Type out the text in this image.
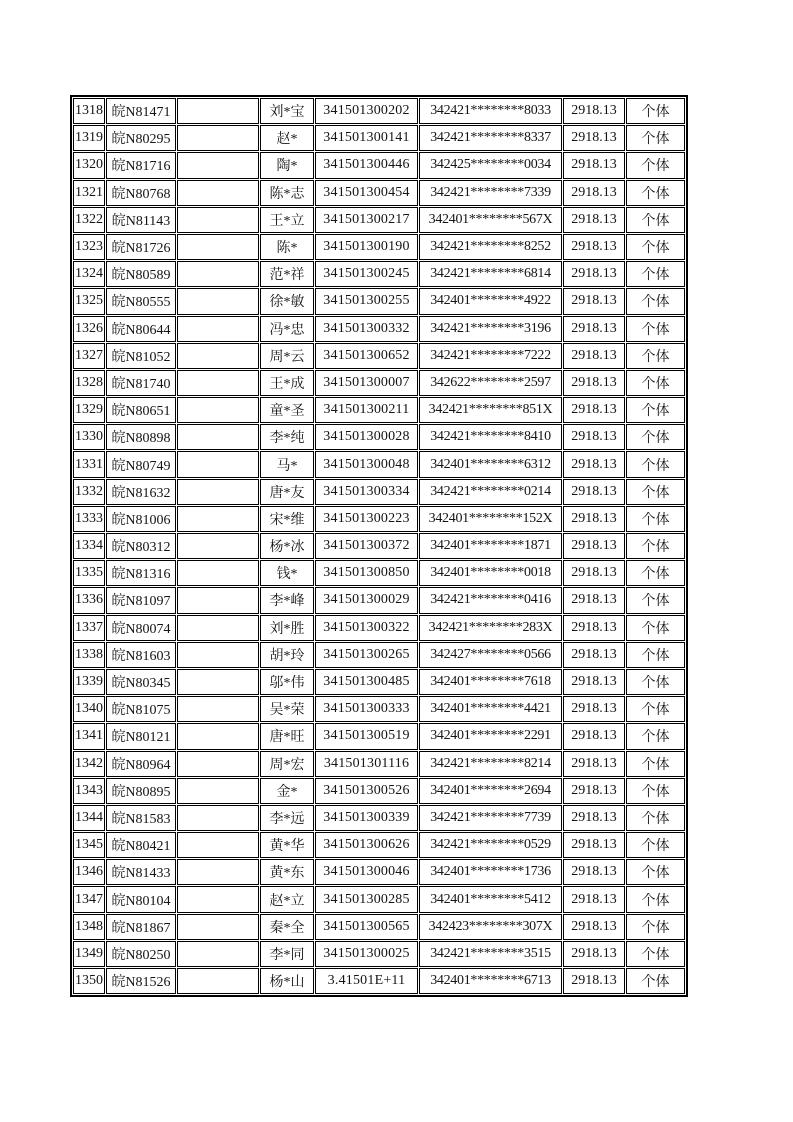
1318	皖N81471		刘*宝	341501300202	342421********8033	2918.13	个体
1319	皖N80295		赵*	341501300141	342421********8337	2918.13	个体
1320	皖N81716		陶*	341501300446	342425********0034	2918.13	个体
1321	皖N80768		陈*志	341501300454	342421********7339	2918.13	个体
1322	皖N81143		王*立	341501300217	342401********567X	2918.13	个体
1323	皖N81726		陈*	341501300190	342421********8252	2918.13	个体
1324	皖N80589		范*祥	341501300245	342421********6814	2918.13	个体
1325	皖N80555		徐*敏	341501300255	342401********4922	2918.13	个体
1326	皖N80644		冯*忠	341501300332	342421********3196	2918.13	个体
1327	皖N81052		周*云	341501300652	342421********7222	2918.13	个体
1328	皖N81740		王*成	341501300007	342622********2597	2918.13	个体
1329	皖N80651		童*圣	341501300211	342421********851X	2918.13	个体
1330	皖N80898		李*纯	341501300028	342421********8410	2918.13	个体
1331	皖N80749		马*	341501300048	342401********6312	2918.13	个体
1332	皖N81632		唐*友	341501300334	342421********0214	2918.13	个体
1333	皖N81006		宋*维	341501300223	342401********152X	2918.13	个体
1334	皖N80312		杨*冰	341501300372	342401********1871	2918.13	个体
1335	皖N81316		钱*	341501300850	342401********0018	2918.13	个体
1336	皖N81097		李*峰	341501300029	342421********0416	2918.13	个体
1337	皖N80074		刘*胜	341501300322	342421********283X	2918.13	个体
1338	皖N81603		胡*玲	341501300265	342427********0566	2918.13	个体
1339	皖N80345		邬*伟	341501300485	342401********7618	2918.13	个体
1340	皖N81075		吴*荣	341501300333	342401********4421	2918.13	个体
1341	皖N80121		唐*旺	341501300519	342401********2291	2918.13	个体
1342	皖N80964		周*宏	341501301116	342421********8214	2918.13	个体
1343	皖N80895		金*	341501300526	342401********2694	2918.13	个体
1344	皖N81583		李*远	341501300339	342421********7739	2918.13	个体
1345	皖N80421		黄*华	341501300626	342421********0529	2918.13	个体
1346	皖N81433		黄*东	341501300046	342401********1736	2918.13	个体
1347	皖N80104		赵*立	341501300285	342401********5412	2918.13	个体
1348	皖N81867		秦*全	341501300565	342423********307X	2918.13	个体
1349	皖N80250		李*同	341501300025	342421********3515	2918.13	个体
1350	皖N81526		杨*山	3.41501E+11	342401********6713	2918.13	个体
